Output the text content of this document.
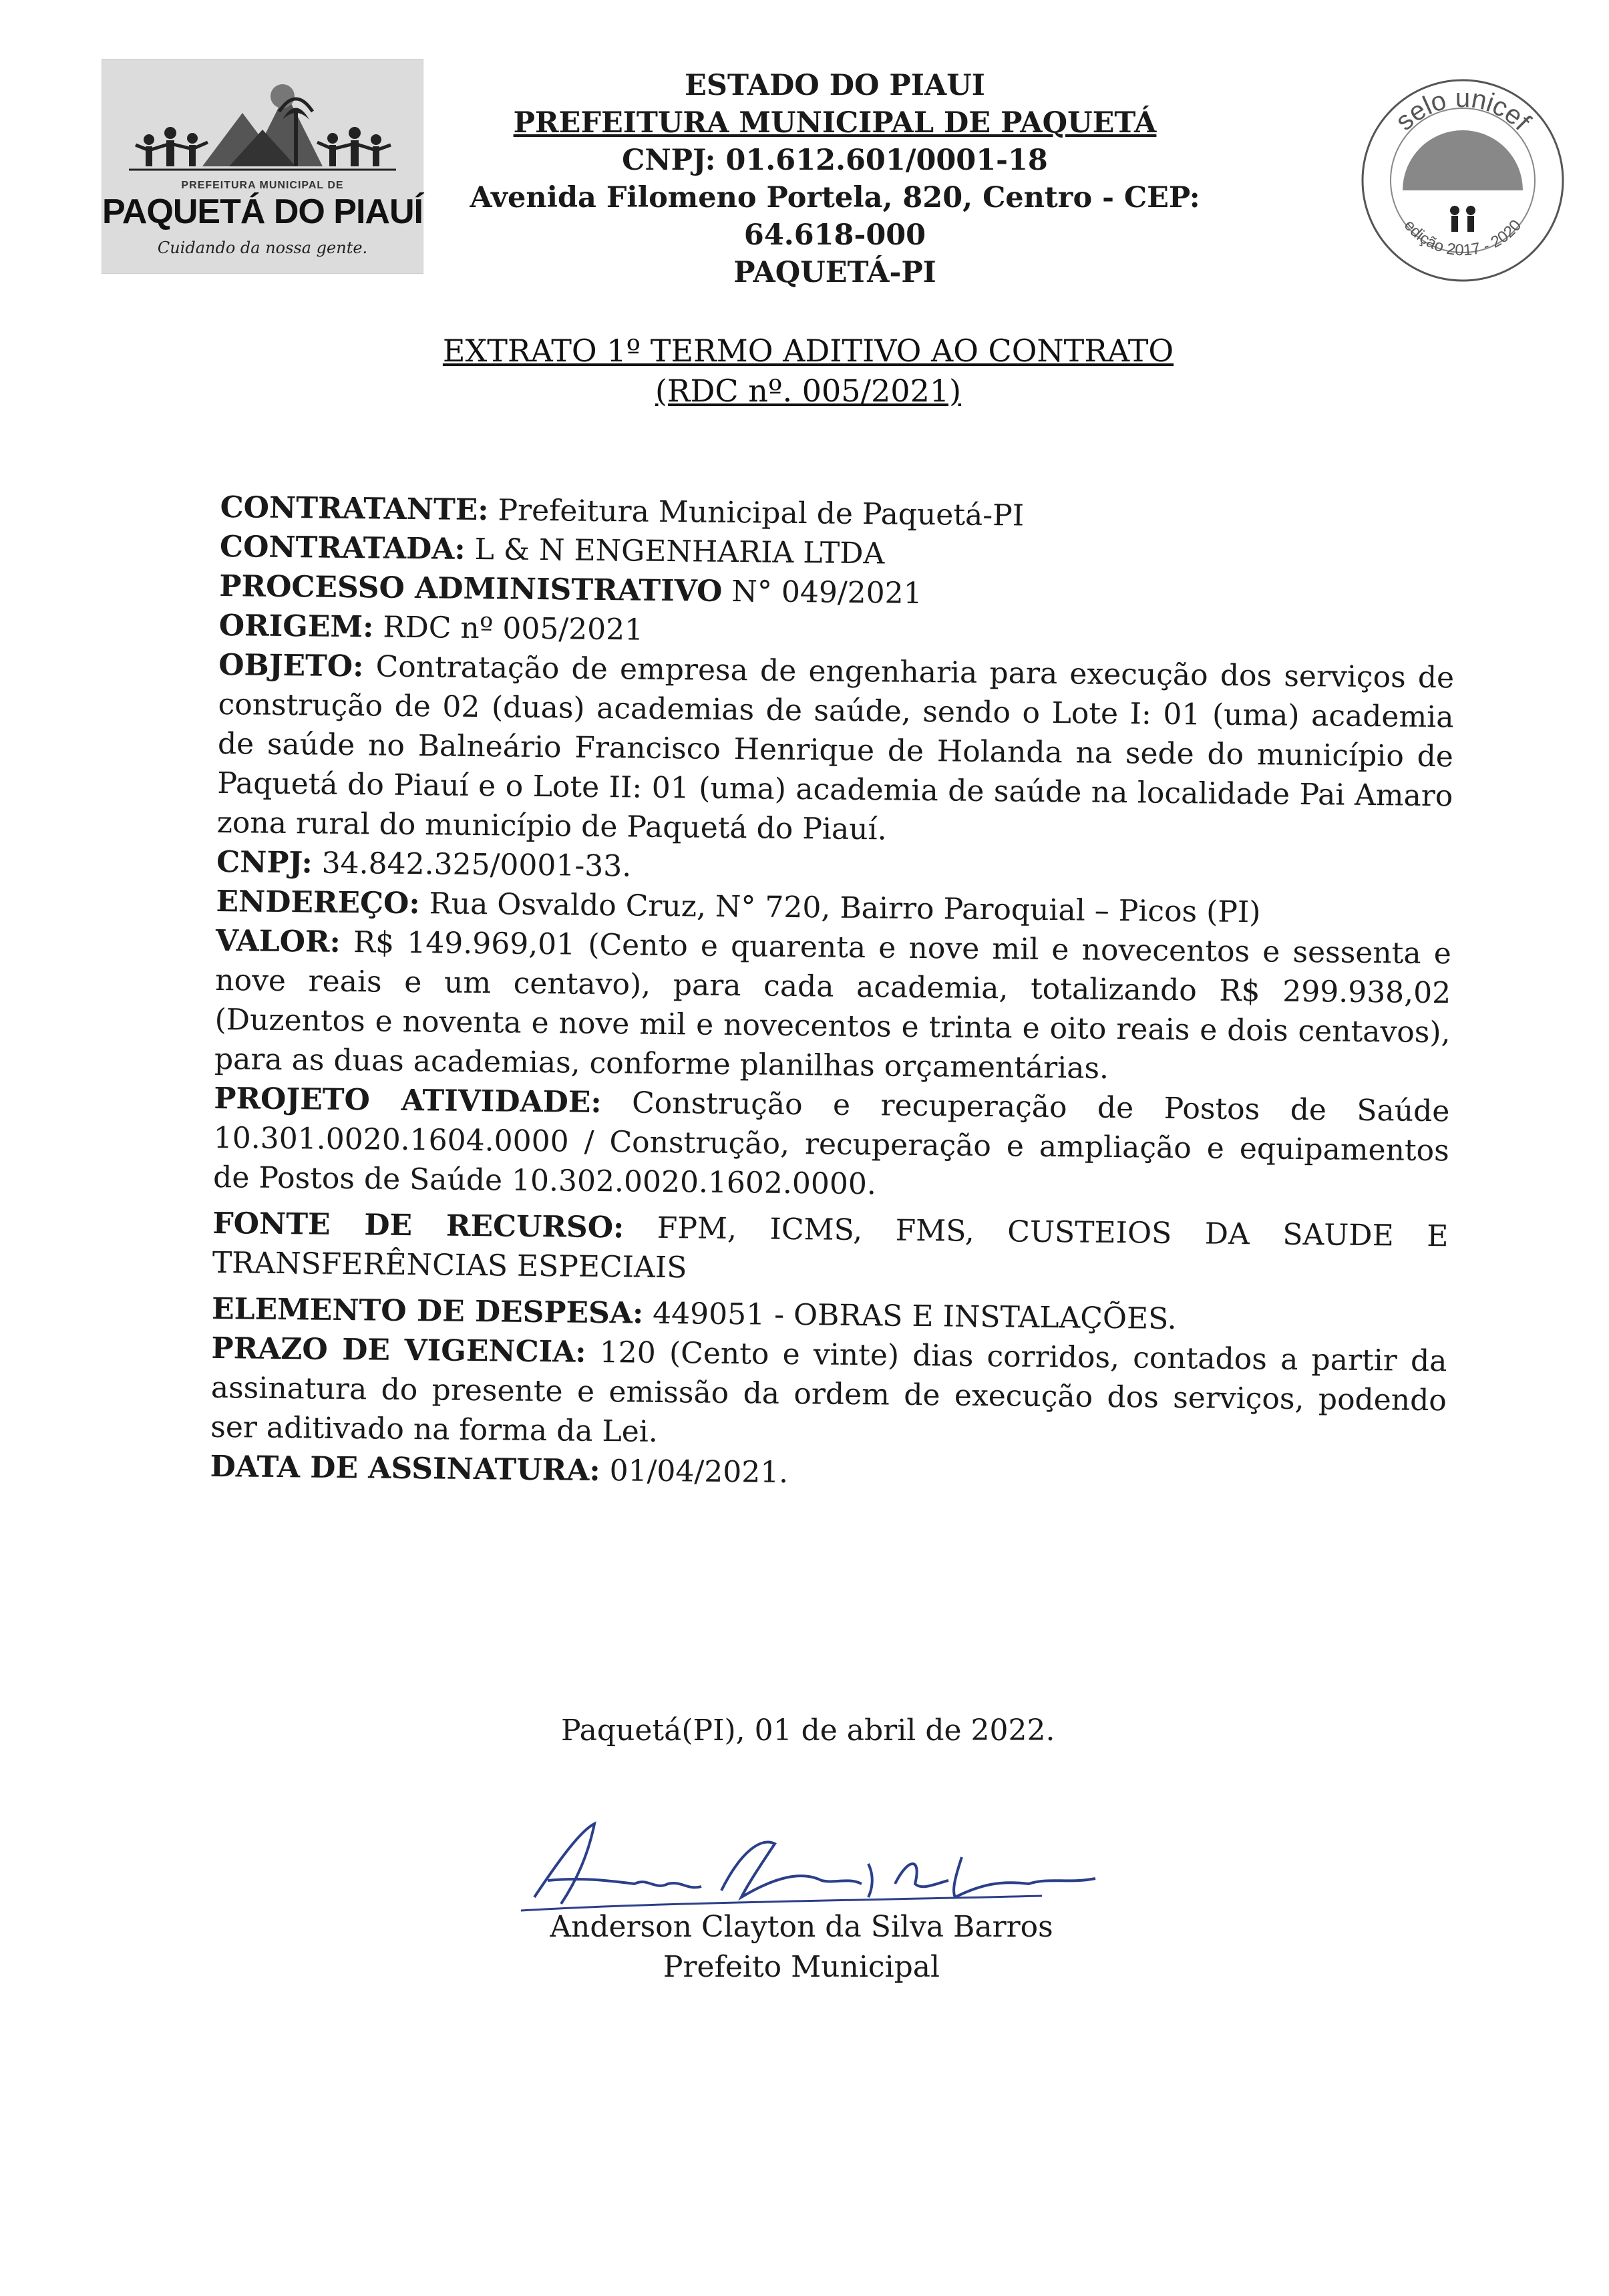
PREFEITURA MUNICIPAL DE
PAQUETÁ DO PIAUÍ
Cuidando da nossa gente.
ESTADO DO PIAUI
PREFEITURA MUNICIPAL DE PAQUETÁ
CNPJ: 01.612.601/0001-18
Avenida Filomeno Portela, 820, Centro - CEP: 64.618-000
PAQUETÁ-PI
selo unicef
edição 2017 - 2020
EXTRATO 1º TERMO ADITIVO AO CONTRATO
(RDC nº. 005/2021)

CONTRATANTE: Prefeitura Municipal de Paquetá-PI

CONTRATADA: L & N ENGENHARIA LTDA

PROCESSO ADMINISTRATIVO N° 049/2021

ORIGEM: RDC nº 005/2021

OBJETO: Contratação de empresa de engenharia para execução dos serviços de construção de 02 (duas) academias de saúde, sendo o Lote I: 01 (uma) academia de saúde no Balneário Francisco Henrique de Holanda na sede do município de Paquetá do Piauí e o Lote II: 01 (uma) academia de saúde na localidade Pai Amaro zona rural do município de Paquetá do Piauí.

CNPJ: 34.842.325/0001-33.

ENDEREÇO: Rua Osvaldo Cruz, N° 720, Bairro Paroquial – Picos (PI)

VALOR: R$ 149.969,01 (Cento e quarenta e nove mil e novecentos e sessenta e nove reais e um centavo), para cada academia, totalizando R$ 299.938,02 (Duzentos e noventa e nove mil e novecentos e trinta e oito reais e dois centavos), para as duas academias, conforme planilhas orçamentárias.

PROJETO ATIVIDADE: Construção e recuperação de Postos de Saúde 10.301.0020.1604.0000 / Construção, recuperação e ampliação e equipamentos de Postos de Saúde 10.302.0020.1602.0000.

FONTE DE RECURSO: FPM, ICMS, FMS, CUSTEIOS DA SAUDE E TRANSFERÊNCIAS ESPECIAIS

ELEMENTO DE DESPESA: 449051 - OBRAS E INSTALAÇÕES.

PRAZO DE VIGENCIA: 120 (Cento e vinte) dias corridos, contados a partir da assinatura do presente e emissão da ordem de execução dos serviços, podendo ser aditivado na forma da Lei.

DATA DE ASSINATURA: 01/04/2021.

Paquetá(PI), 01 de abril de 2022.
Anderson Clayton da Silva Barros
Prefeito Municipal
